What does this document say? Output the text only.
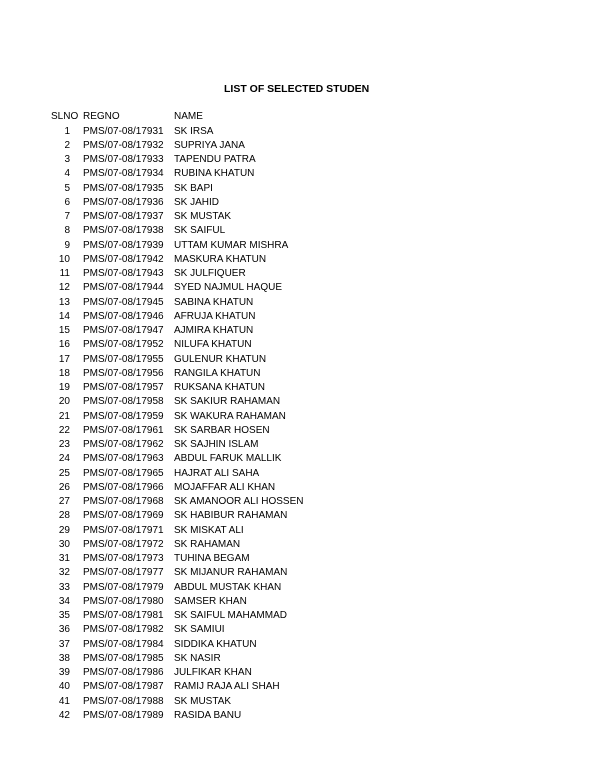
LIST OF SELECTED STUDEN
SLNO REGNO	NAME
1 PMS/07-08/17931	SK IRSA
2 PMS/07-08/17932	SUPRIYA JANA
3 PMS/07-08/17933	TAPENDU PATRA
4 PMS/07-08/17934	RUBINA KHATUN
5 PMS/07-08/17935	SK BAPI
6 PMS/07-08/17936	SK JAHID
7 PMS/07-08/17937	SK MUSTAK
8 PMS/07-08/17938	SK SAIFUL
9 PMS/07-08/17939	UTTAM KUMAR MISHRA
10 PMS/07-08/17942	MASKURA KHATUN
11 PMS/07-08/17943	SK JULFIQUER
12 PMS/07-08/17944	SYED NAJMUL HAQUE
13 PMS/07-08/17945	SABINA KHATUN
14 PMS/07-08/17946	AFRUJA KHATUN
15 PMS/07-08/17947	AJMIRA KHATUN
16 PMS/07-08/17952	NILUFA KHATUN
17 PMS/07-08/17955	GULENUR KHATUN
18 PMS/07-08/17956	RANGILA KHATUN
19 PMS/07-08/17957	RUKSANA KHATUN
20 PMS/07-08/17958	SK SAKIUR RAHAMAN
21 PMS/07-08/17959	SK WAKURA RAHAMAN
22 PMS/07-08/17961	SK SARBAR HOSEN
23 PMS/07-08/17962	SK SAJHIN ISLAM
24 PMS/07-08/17963	ABDUL FARUK MALLIK
25 PMS/07-08/17965	HAJRAT ALI SAHA
26 PMS/07-08/17966	MOJAFFAR ALI KHAN
27 PMS/07-08/17968	SK AMANOOR ALI HOSSEN
28 PMS/07-08/17969	SK HABIBUR RAHAMAN
29 PMS/07-08/17971	SK MISKAT ALI
30 PMS/07-08/17972	SK RAHAMAN
31 PMS/07-08/17973	TUHINA BEGAM
32 PMS/07-08/17977	SK MIJANUR RAHAMAN
33 PMS/07-08/17979	ABDUL MUSTAK KHAN
34 PMS/07-08/17980	SAMSER KHAN
35 PMS/07-08/17981	SK SAIFUL MAHAMMAD
36 PMS/07-08/17982	SK SAMIUI
37 PMS/07-08/17984	SIDDIKA KHATUN
38 PMS/07-08/17985	SK NASIR
39 PMS/07-08/17986	JULFIKAR KHAN
40 PMS/07-08/17987	RAMIJ RAJA ALI SHAH
41 PMS/07-08/17988	SK MUSTAK
42 PMS/07-08/17989	RASIDA BANU
